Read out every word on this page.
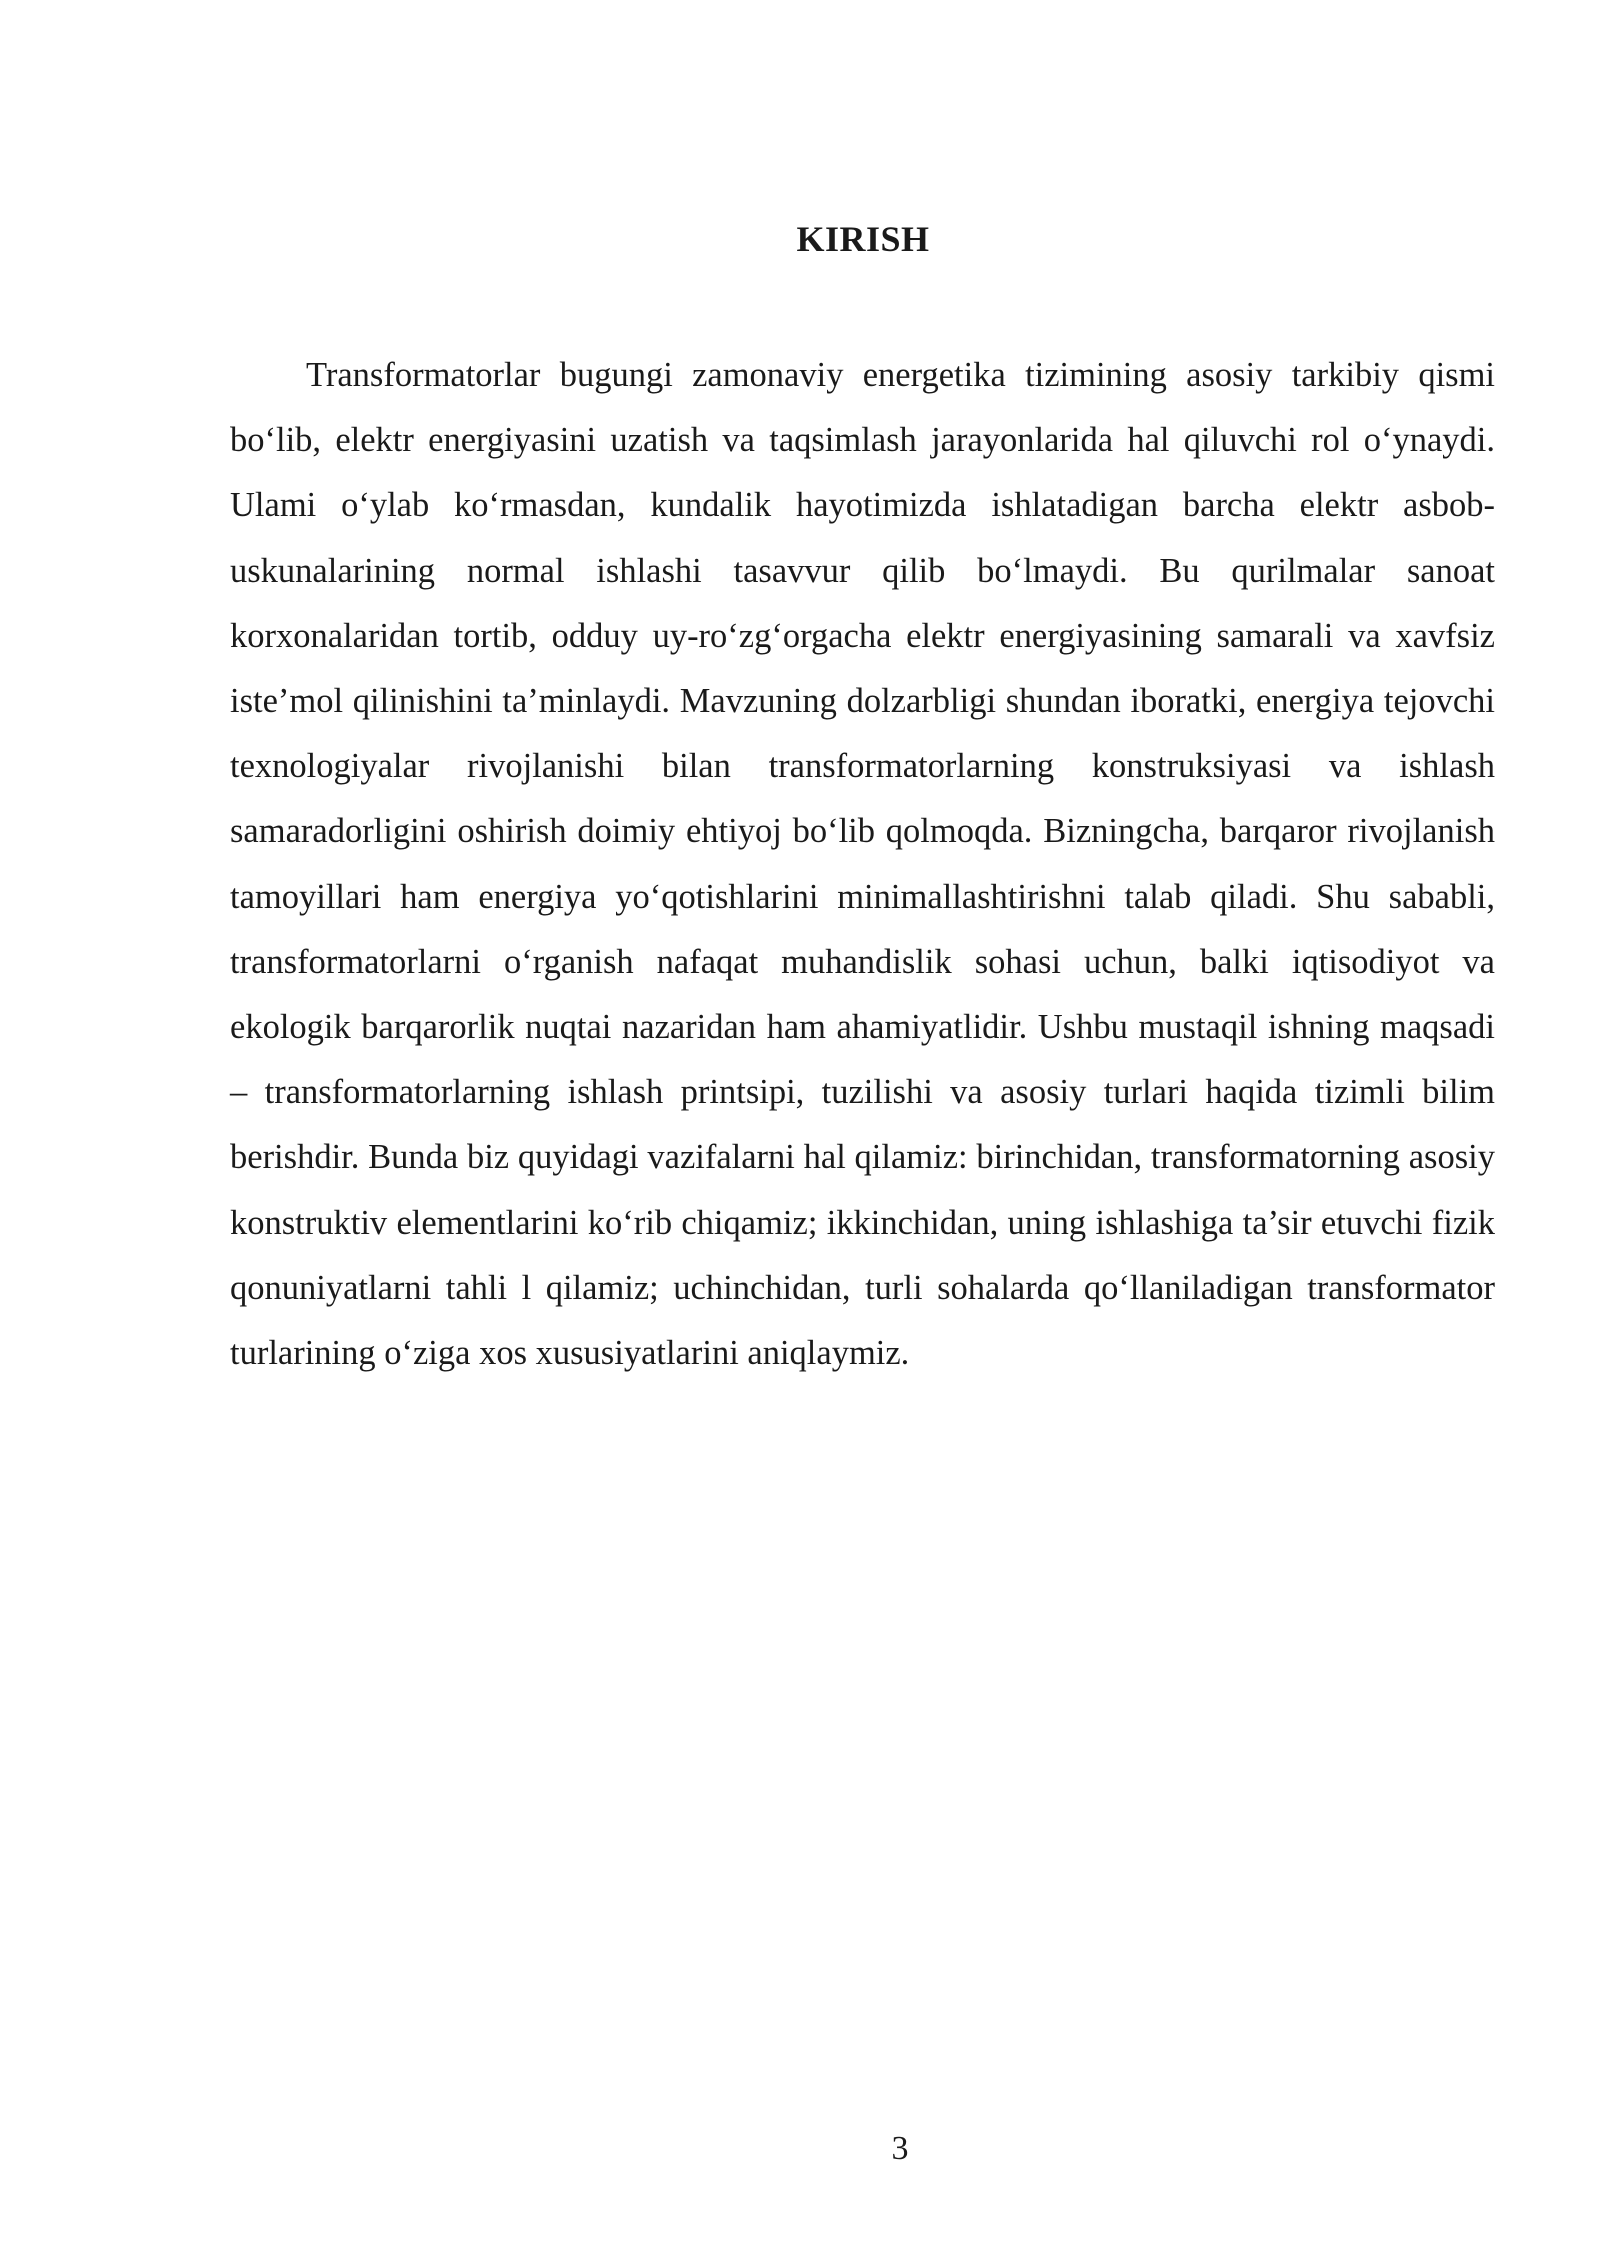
KIRISH

Transformatorlar bugungi zamonaviy energetika tizimining asosiy tarkibiy qismi bo‘lib, elektr energiyasini uzatish va taqsimlash jarayonlarida hal qiluvchi rol o‘ynaydi. Ulami o‘ylab ko‘rmasdan, kundalik hayotimizda ishlatadigan barcha elektr asbob-uskunalarining normal ishlashi tasavvur qilib bo‘lmaydi. Bu qurilmalar sanoat korxonalaridan tortib, odduy uy-ro‘zg‘orgacha elektr energiyasining samarali va xavfsiz iste’mol qilinishini ta’minlaydi. Mavzuning dolzarbligi shundan iboratki, energiya tejovchi texnologiyalar rivojlanishi bilan transformatorlarning konstruksiyasi va ishlash samaradorligini oshirish doimiy ehtiyoj bo‘lib qolmoqda. Bizningcha, barqaror rivojlanish tamoyillari ham energiya yo‘qotishlarini minimallashtirishni talab qiladi. Shu sababli, transformatorlarni o‘rganish nafaqat muhandislik sohasi uchun, balki iqtisodiyot va ekologik barqarorlik nuqtai nazaridan ham ahamiyatlidir. Ushbu mustaqil ishning maqsadi – transformatorlarning ishlash printsipi, tuzilishi va asosiy turlari haqida tizimli bilim berishdir. Bunda biz quyidagi vazifalarni hal qilamiz: birinchidan, transformatorning asosiy konstruktiv elementlarini ko‘rib chiqamiz; ikkinchidan, uning ishlashiga ta’sir etuvchi fizik qonuniyatlarni tahli l qilamiz; uchinchidan, turli sohalarda qo‘llaniladigan transformator turlarining o‘ziga xos xususiyatlarini aniqlaymiz.

3
